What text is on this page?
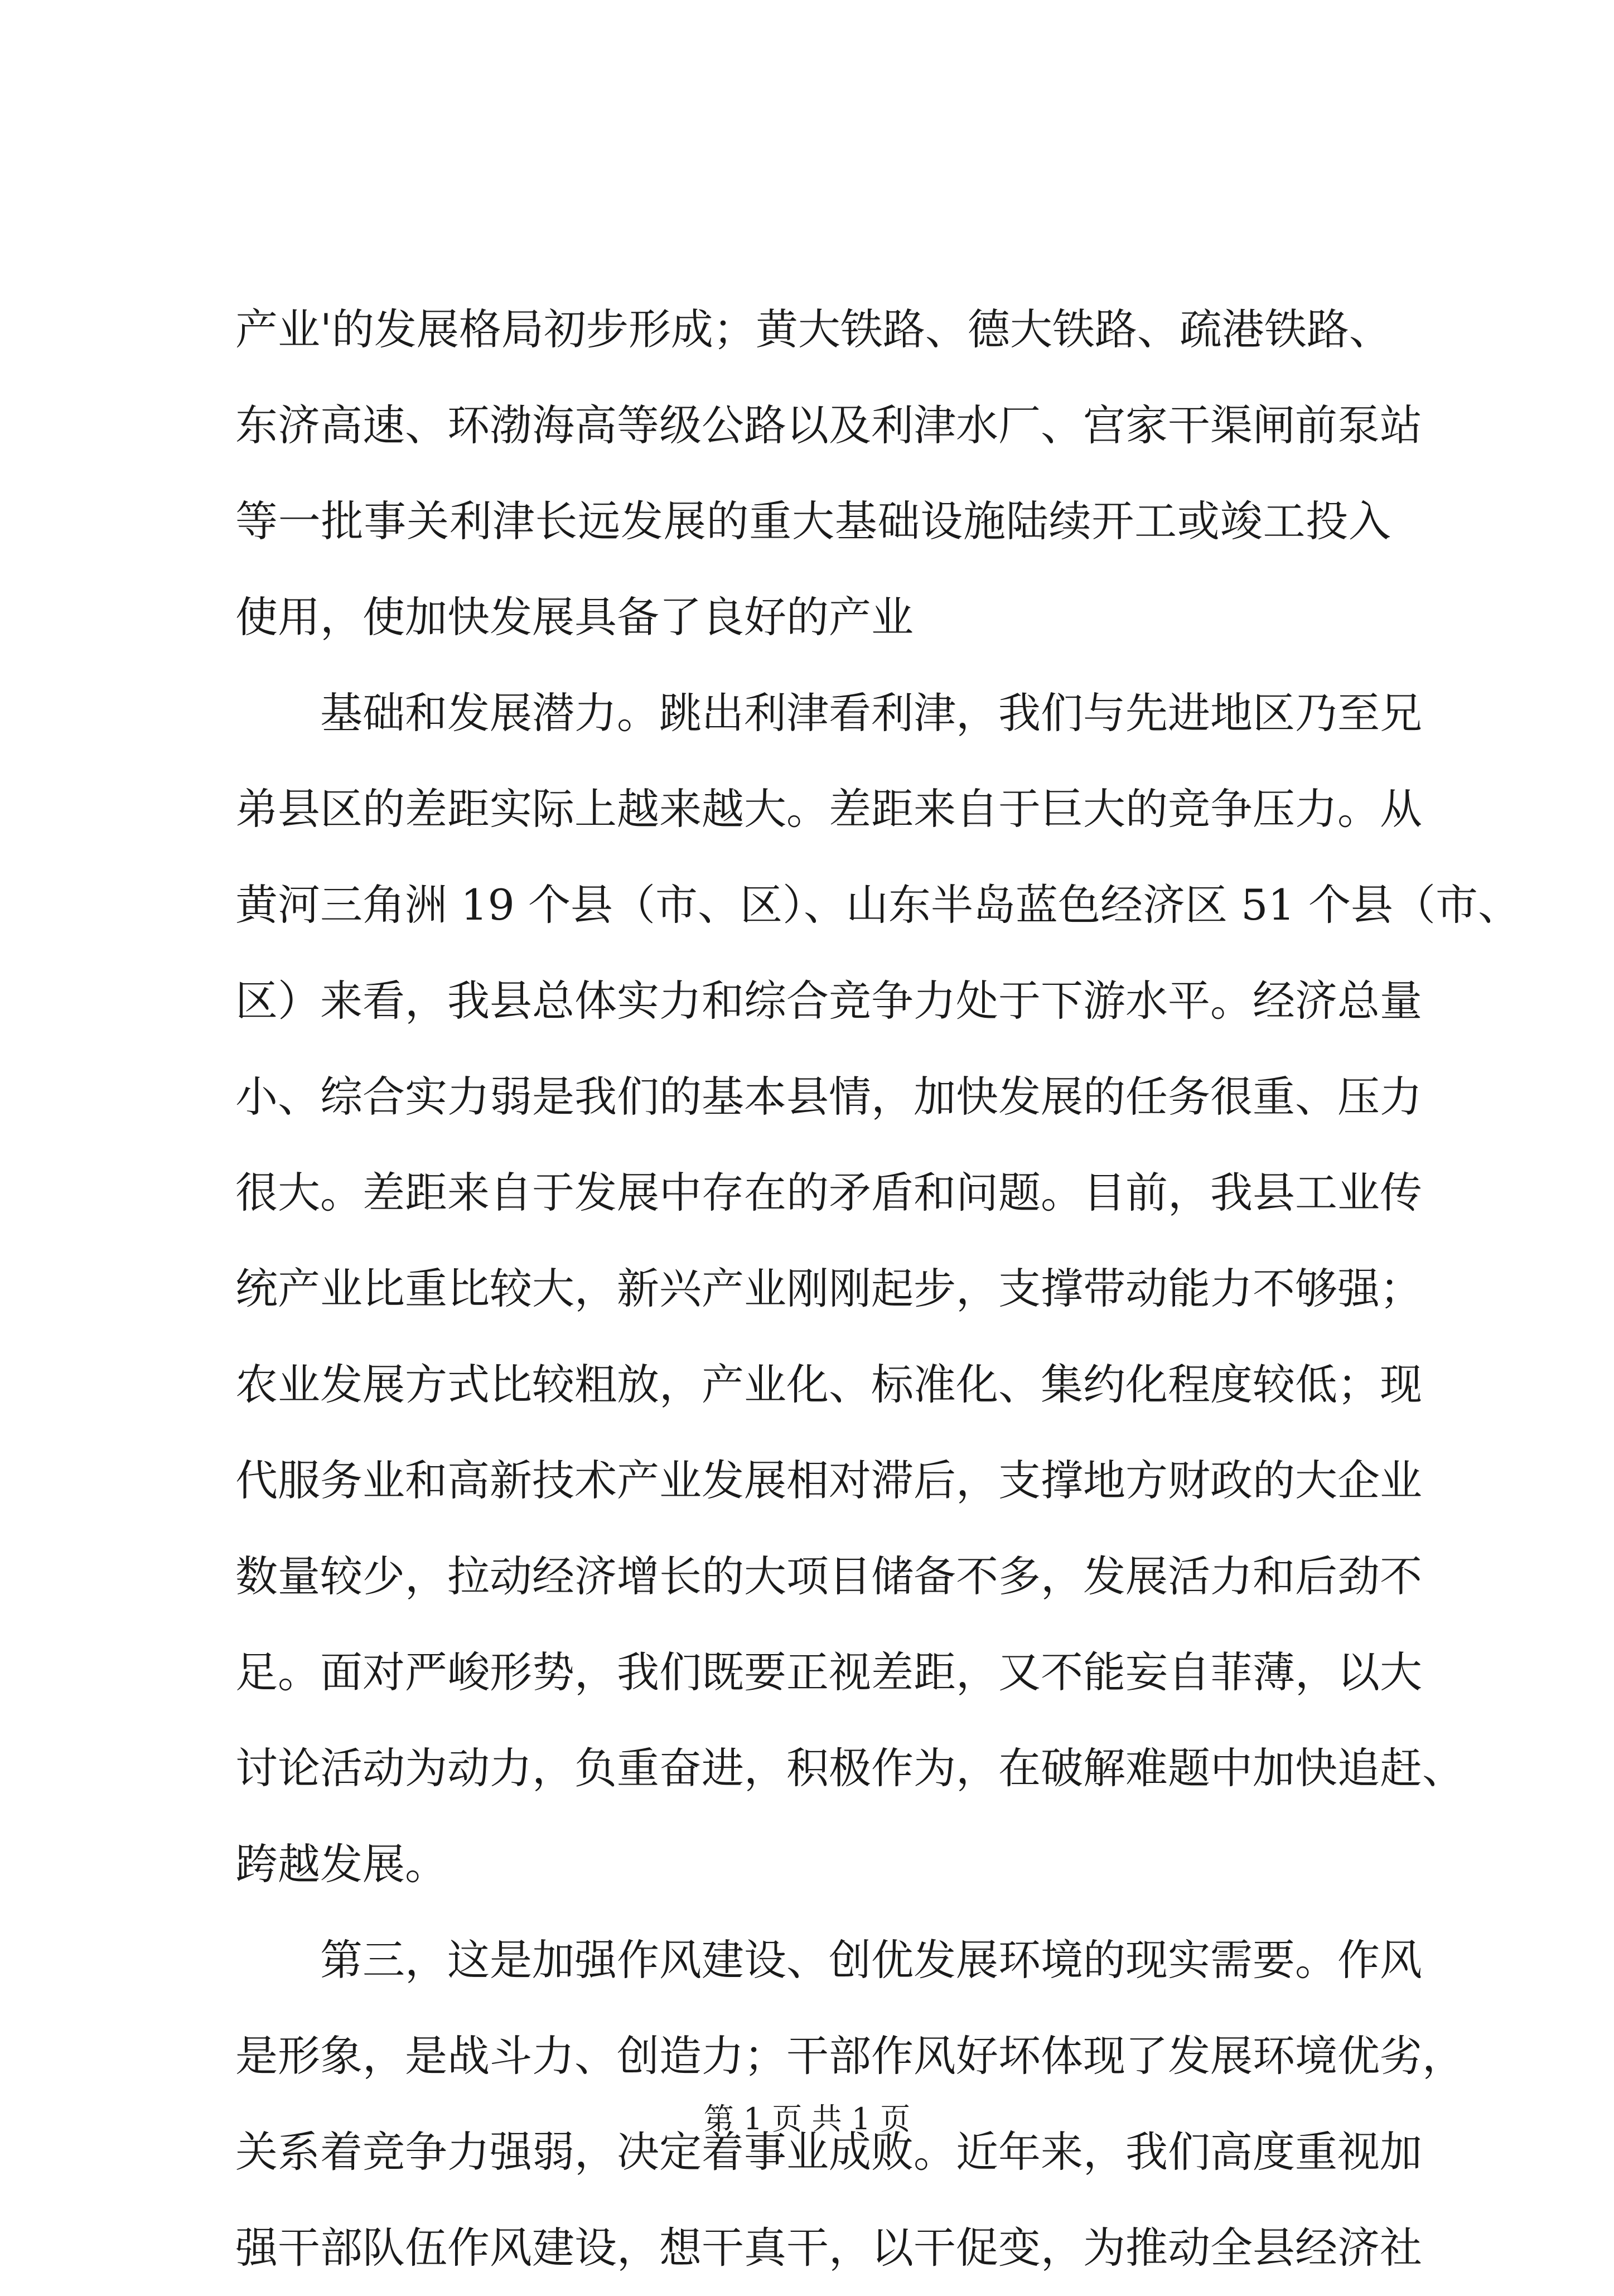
产业'的发展格局初步形成；黄大铁路、德大铁路、疏港铁路、
东济高速、环渤海高等级公路以及利津水厂、宫家干渠闸前泵站
等一批事关利津长远发展的重大基础设施陆续开工或竣工投入
使用，使加快发展具备了良好的产业
　　基础和发展潜力。跳出利津看利津，我们与先进地区乃至兄
弟县区的差距实际上越来越大。差距来自于巨大的竞争压力。从
黄河三角洲 19 个县（市、区）、山东半岛蓝色经济区 51 个县（市、
区）来看，我县总体实力和综合竞争力处于下游水平。经济总量
小、综合实力弱是我们的基本县情，加快发展的任务很重、压力
很大。差距来自于发展中存在的矛盾和问题。目前，我县工业传
统产业比重比较大，新兴产业刚刚起步，支撑带动能力不够强；
农业发展方式比较粗放，产业化、标准化、集约化程度较低；现
代服务业和高新技术产业发展相对滞后，支撑地方财政的大企业
数量较少，拉动经济增长的大项目储备不多，发展活力和后劲不
足。面对严峻形势，我们既要正视差距，又不能妄自菲薄，以大
讨论活动为动力，负重奋进，积极作为，在破解难题中加快追赶、
跨越发展。
　　第三，这是加强作风建设、创优发展环境的现实需要。作风
是形象，是战斗力、创造力；干部作风好坏体现了发展环境优劣，
关系着竞争力强弱，决定着事业成败。近年来，我们高度重视加
强干部队伍作风建设，想干真干，以干促变，为推动全县经济社
第 1 页 共 1 页
